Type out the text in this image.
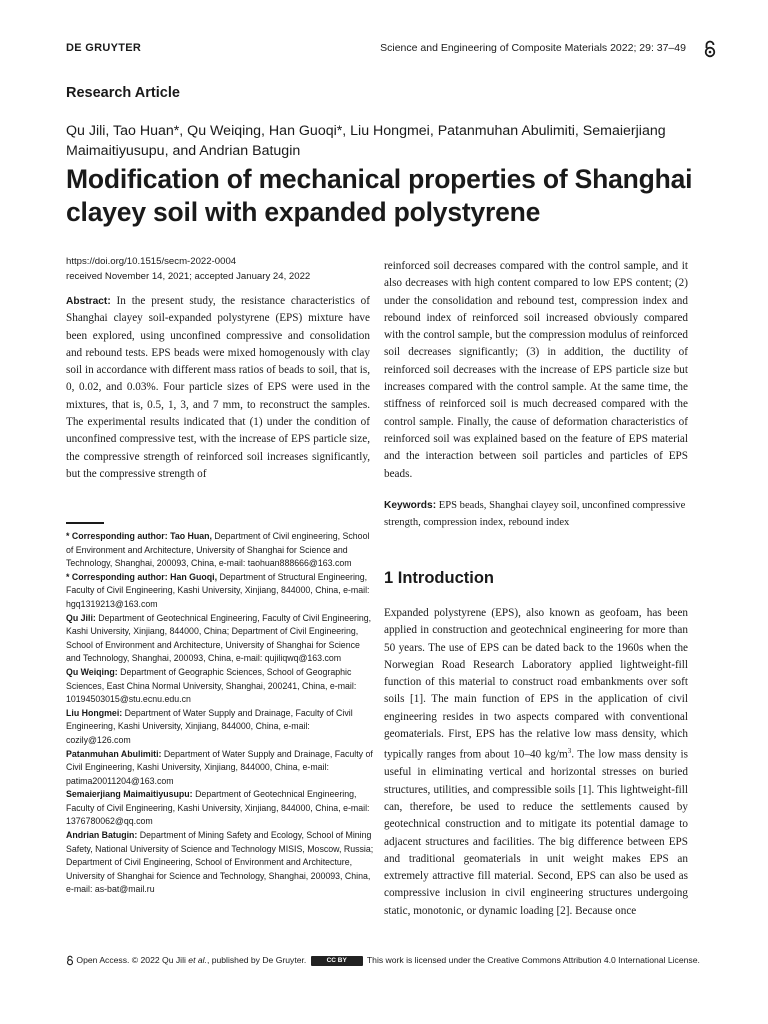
DE GRUYTER	Science and Engineering of Composite Materials 2022; 29: 37–49
Research Article
Qu Jili, Tao Huan*, Qu Weiqing, Han Guoqi*, Liu Hongmei, Patanmuhan Abulimiti, Semaierjiang Maimaitiyusupu, and Andrian Batugin
Modification of mechanical properties of Shanghai clayey soil with expanded polystyrene
https://doi.org/10.1515/secm-2022-0004
received November 14, 2021; accepted January 24, 2022
Abstract: In the present study, the resistance characteristics of Shanghai clayey soil-expanded polystyrene (EPS) mixture have been explored, using unconfined compressive and consolidation and rebound tests. EPS beads were mixed homogenously with clay soil in accordance with different mass ratios of beads to soil, that is, 0, 0.02, and 0.03%. Four particle sizes of EPS were used in the mixtures, that is, 0.5, 1, 3, and 7 mm, to reconstruct the samples. The experimental results indicated that (1) under the condition of unconfined compressive test, with the increase of EPS particle size, the compressive strength of reinforced soil increases significantly, but the compressive strength of

* Corresponding author: Tao Huan, Department of Civil engineering, School of Environment and Architecture, University of Shanghai for Science and Technology, Shanghai, 200093, China, e-mail: taohuan888666@163.com

* Corresponding author: Han Guoqi, Department of Structural Engineering, Faculty of Civil Engineering, Kashi University, Xinjiang, 844000, China, e-mail: hgq1319213@163.com

Qu Jili: Department of Geotechnical Engineering, Faculty of Civil Engineering, Kashi University, Xinjiang, 844000, China; Department of Civil Engineering, School of Environment and Architecture, University of Shanghai for Science and Technology, Shanghai, 200093, China, e-mail: qujiliqwq@163.com

Qu Weiqing: Department of Geographic Sciences, School of Geographic Sciences, East China Normal University, Shanghai, 200241, China, e-mail: 10194503015@stu.ecnu.edu.cn

Liu Hongmei: Department of Water Supply and Drainage, Faculty of Civil Engineering, Kashi University, Xinjiang, 844000, China, e-mail: cozily@126.com

Patanmuhan Abulimiti: Department of Water Supply and Drainage, Faculty of Civil Engineering, Kashi University, Xinjiang, 844000, China, e-mail: patima20011204@163.com

Semaierjiang Maimaitiyusupu: Department of Geotechnical Engineering, Faculty of Civil Engineering, Kashi University, Xinjiang, 844000, China, e-mail: 1376780062@qq.com

Andrian Batugin: Department of Mining Safety and Ecology, School of Mining Safety, National University of Science and Technology MISIS, Moscow, Russia; Department of Civil Engineering, School of Environment and Architecture, University of Shanghai for Science and Technology, Shanghai, 200093, China, e-mail: as-bat@mail.ru

reinforced soil decreases compared with the control sample, and it also decreases with high content compared to low EPS content; (2) under the consolidation and rebound test, compression index and rebound index of reinforced soil increased obviously compared with the control sample, but the compression modulus of reinforced soil decreases significantly; (3) in addition, the ductility of reinforced soil decreases with the increase of EPS particle size but increases compared with the control sample. At the same time, the stiffness of reinforced soil is much decreased compared with the control sample. Finally, the cause of deformation characteristics of reinforced soil was explained based on the feature of EPS material and the interaction between soil particles and particles of EPS beads.
Keywords: EPS beads, Shanghai clayey soil, unconfined compressive strength, compression index, rebound index
1 Introduction
Expanded polystyrene (EPS), also known as geofoam, has been applied in construction and geotechnical engineering for more than 50 years. The use of EPS can be dated back to the 1960s when the Norwegian Road Research Laboratory applied lightweight-fill function of this material to construct road embankments over soft soils [1]. The main function of EPS in the application of civil engineering resides in two aspects compared with conventional geomaterials. First, EPS has the relative low mass density, which typically ranges from about 10–40 $kg/m^3$. The low mass density is useful in eliminating vertical and horizontal stresses on buried structures, utilities, and compressible soils [1]. This lightweight-fill can, therefore, be used to reduce the settlements caused by geotechnical construction and to mitigate its potential damage to adjacent structures and facilities. The big difference between EPS and traditional geomaterials in unit weight makes EPS an extremely attractive fill material. Second, EPS can also be used as compressive inclusion in civil engineering structures undergoing static, monotonic, or dynamic loading [2]. Because once
Open Access. © 2022 Qu Jili et al., published by De Gruyter.	CC BY This work is licensed under the Creative Commons Attribution 4.0 International License.
